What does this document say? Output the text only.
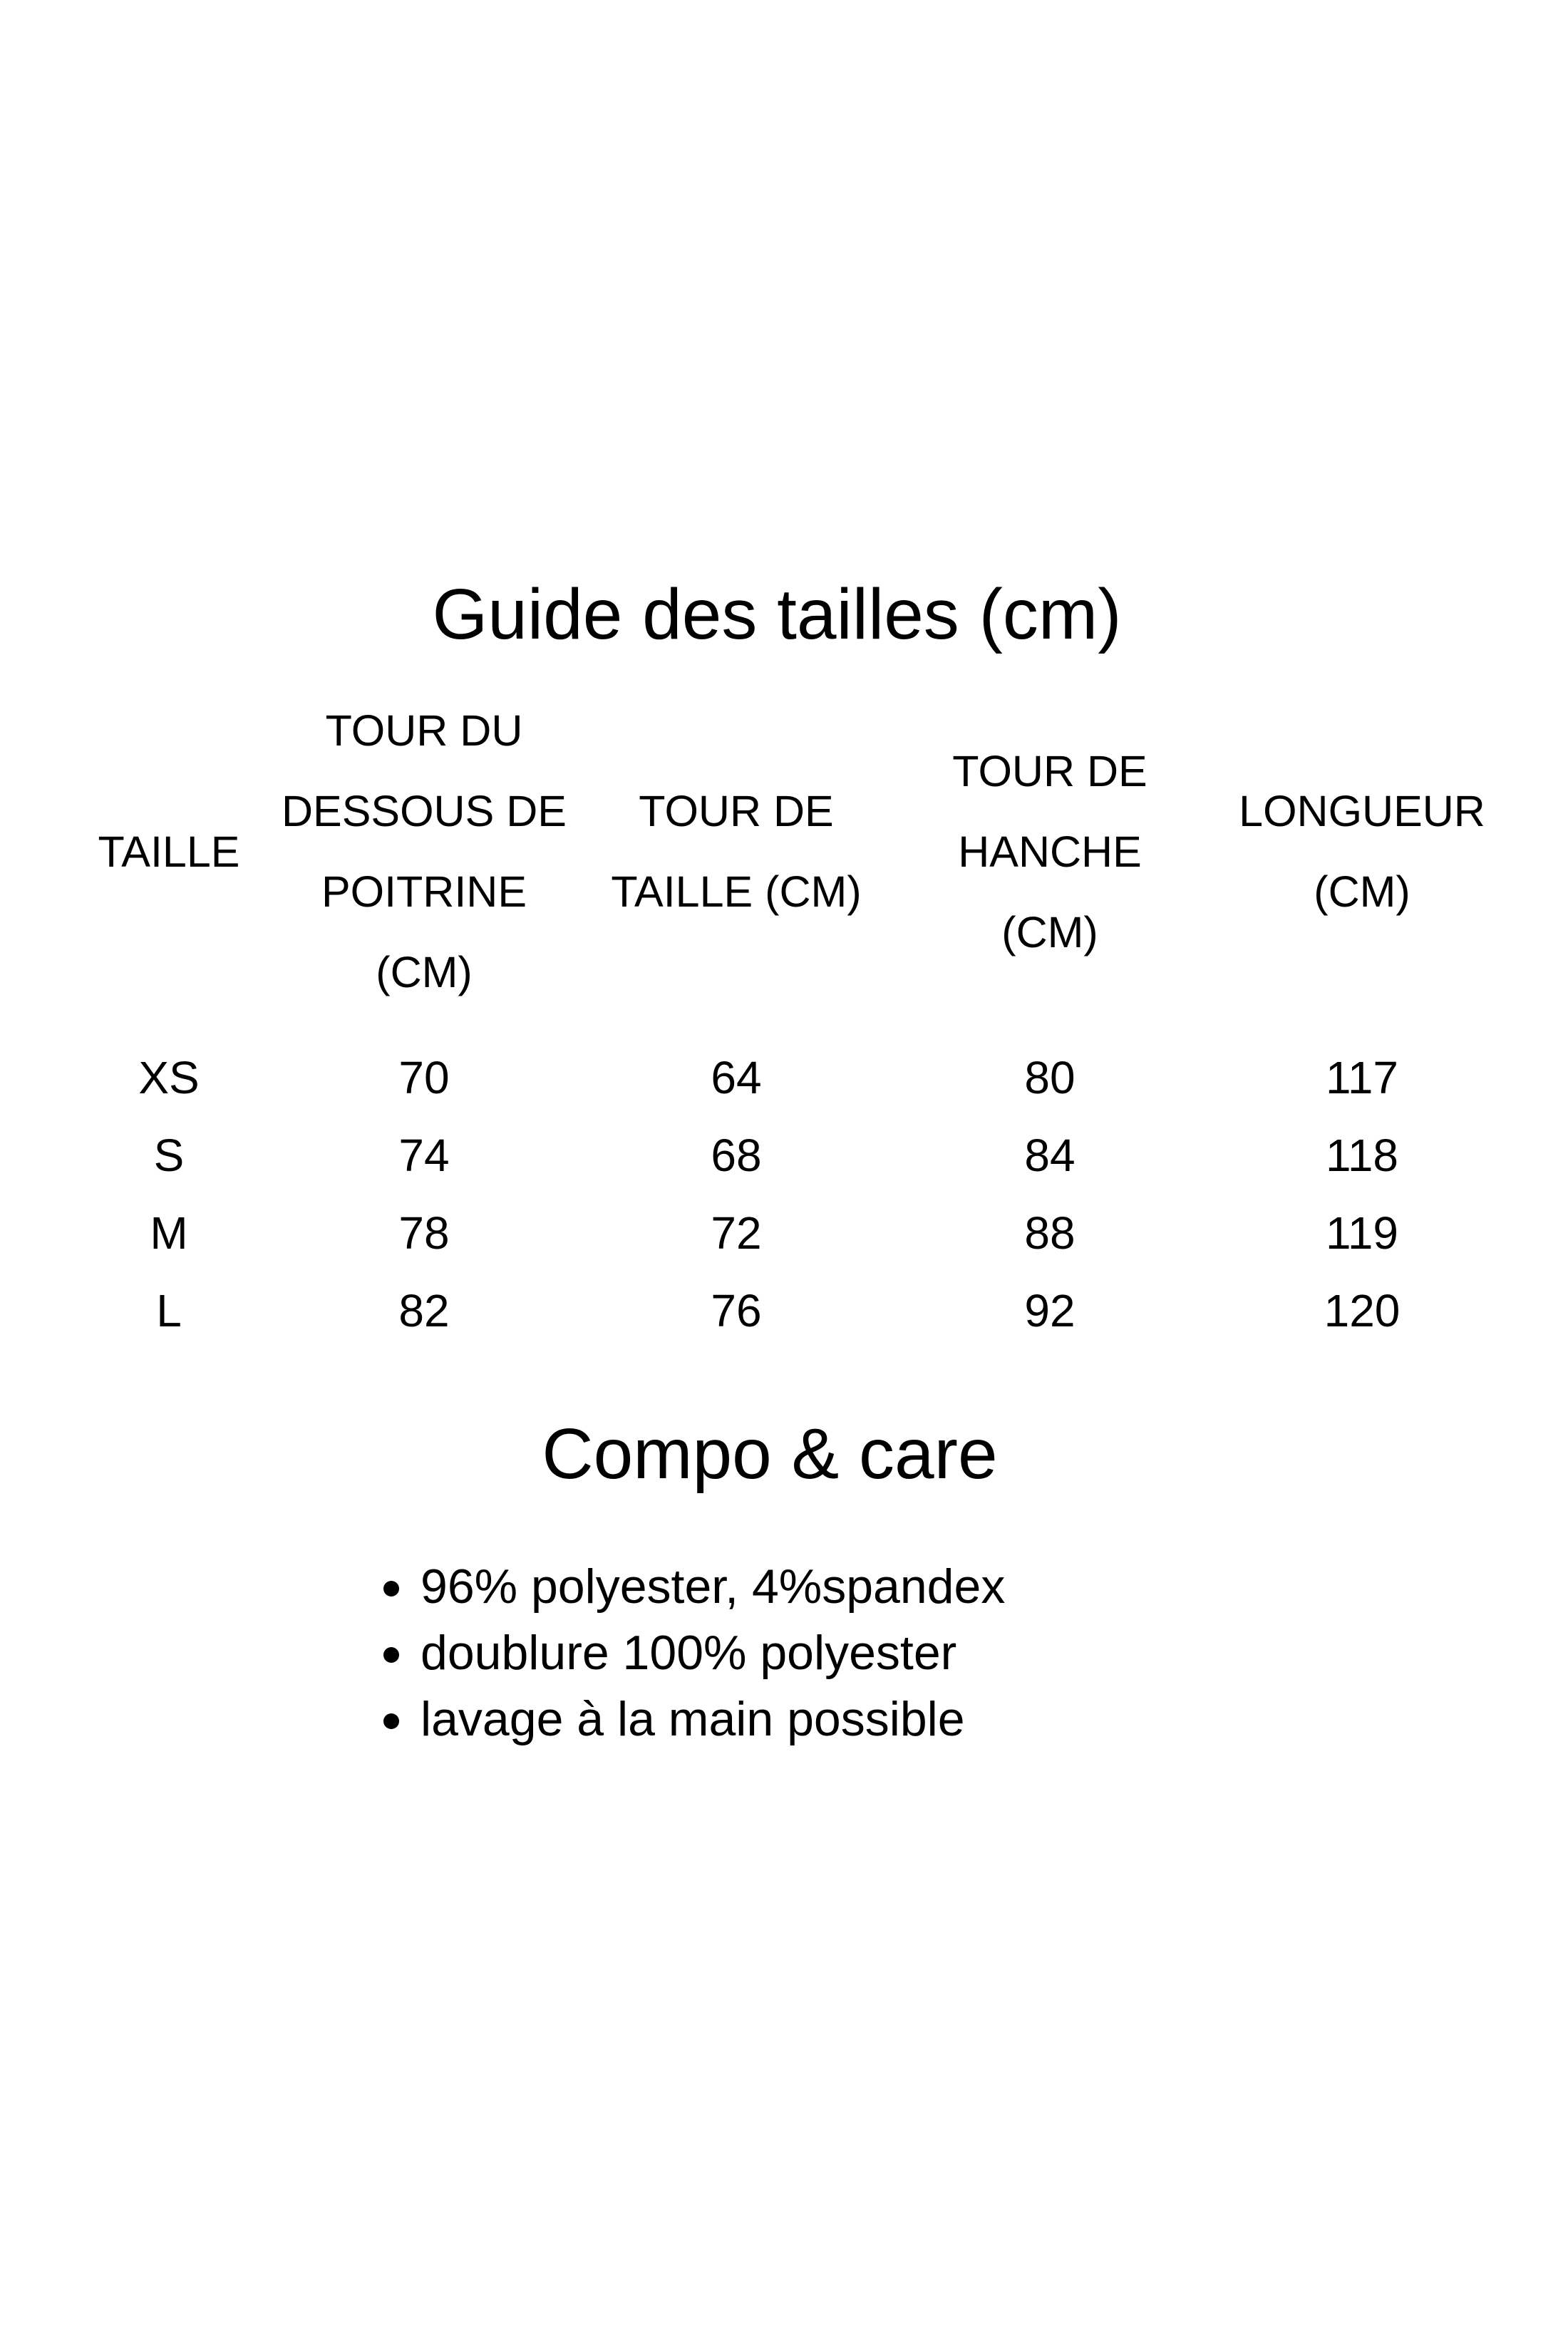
Guide des tailles (cm)
TAILLE
TOUR DU
DESSOUS DE
POITRINE
(CM)
TOUR DE
TAILLE (CM)
TOUR DE
HANCHE
(CM)
LONGUEUR
(CM)
XS
S
M
L
70
74
78
82
64
68
72
76
80
84
88
92
117
118
119
120
Compo & care
96% polyester, 4%spandex
doublure 100% polyester
lavage à la main possible
